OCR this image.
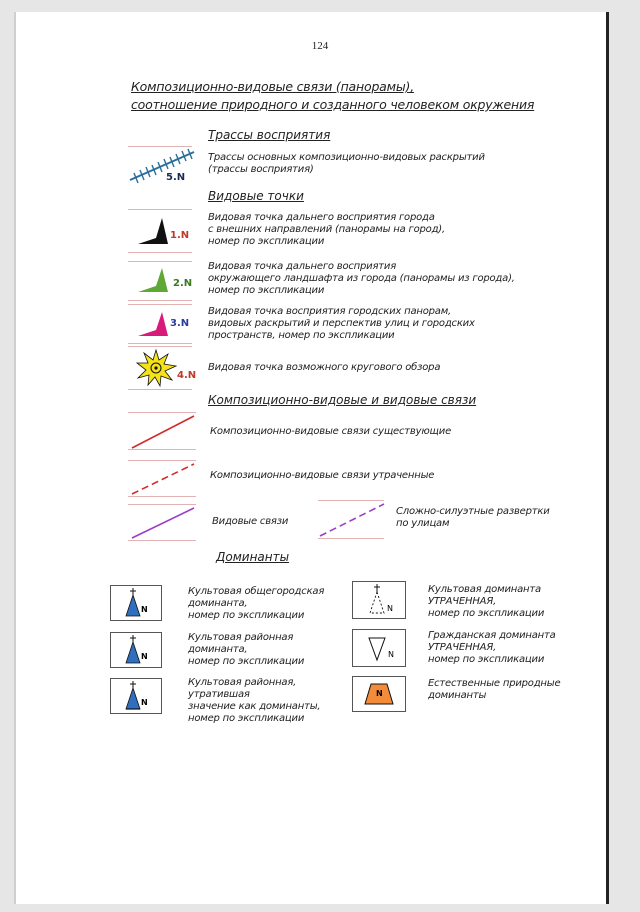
124
Композиционно-видовые связи (панорамы),
соотношение природного и созданного человеком окружения
Трассы восприятия
5.N
Трассы основных композиционно-видовых раскрытий
(трассы восприятия)
Видовые точки
1.N
Видовая точка дальнего восприятия города
с внешних направлений (панорамы на город),
номер по экспликации
2.N
Видовая точка дальнего восприятия
окружающего ландшафта из города (панорамы из города),
номер по экспликации
3.N
Видовая точка восприятия городских панорам,
видовых раскрытий и перспектив улиц и городских
пространств, номер по экспликации
4.N
Видовая точка возможного кругового обзора
Композиционно-видовые и видовые связи
Композиционно-видовые связи существующие
Композиционно-видовые связи утраченные
Видовые связи
Сложно-силуэтные развертки
по улицам
Доминанты
N
Культовая общегородская
доминанта,
номер по экспликации
N
Культовая районная
доминанта,
номер по экспликации
N
Культовая районная,
утратившая
значение как доминанты,
номер по экспликации
N
Культовая доминанта
УТРАЧЕННАЯ,
номер по экспликации
N
Гражданская доминанта
УТРАЧЕННАЯ,
номер по экспликации
N
Естественные природные
доминанты
